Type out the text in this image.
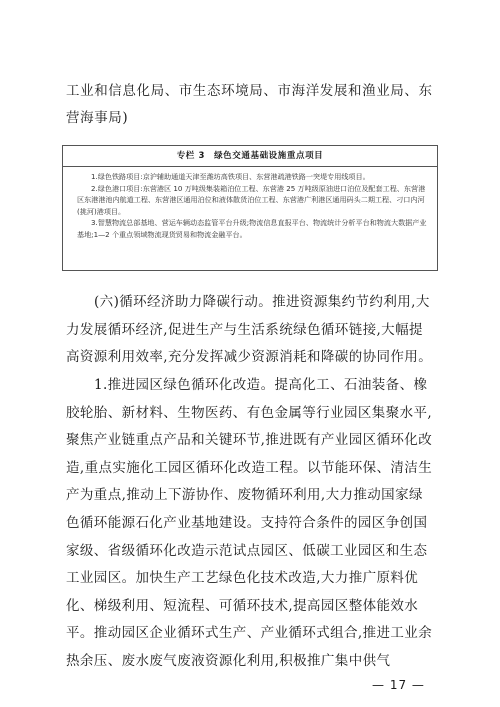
工业和信息化局、市生态环境局、市海洋发展和渔业局、东营海事局)
专栏 3　绿色交通基础设施重点项目

1.绿色铁路项目:京沪辅助通道天津至潍坊高铁项目、东营港疏港铁路一突堤专用线项目。

2.绿色港口项目:东营港区 10 万吨级集装箱泊位工程、东营港 25 万吨级原油进口泊位及配套工程、东营港区东港港池内航道工程、东营港区通用泊位和液体散货泊位工程、东营港广利港区通用码头二期工程、刁口内河(挑河)港项目。

3.智慧物流总部基地、营运车辆动态监管平台升级;物流信息直报平台、物流统计分析平台和物流大数据产业基地;1—2 个重点领域物流现货贸易和物流金融平台。

(六)循环经济助力降碳行动。推进资源集约节约利用,大力发展循环经济,促进生产与生活系统绿色循环链接,大幅提高资源利用效率,充分发挥减少资源消耗和降碳的协同作用。

1.推进园区绿色循环化改造。提高化工、石油装备、橡胶轮胎、新材料、生物医药、有色金属等行业园区集聚水平,聚焦产业链重点产品和关键环节,推进既有产业园区循环化改造,重点实施化工园区循环化改造工程。以节能环保、清洁生产为重点,推动上下游协作、废物循环利用,大力推动国家绿色循环能源石化产业基地建设。支持符合条件的园区争创国家级、省级循环化改造示范试点园区、低碳工业园区和生态工业园区。加快生产工艺绿色化技术改造,大力推广原料优化、梯级利用、短流程、可循环技术,提高园区整体能效水平。推动园区企业循环式生产、产业循环式组合,推进工业余热余压、废水废气废液资源化利用,积极推广集中供气

— 17 —
